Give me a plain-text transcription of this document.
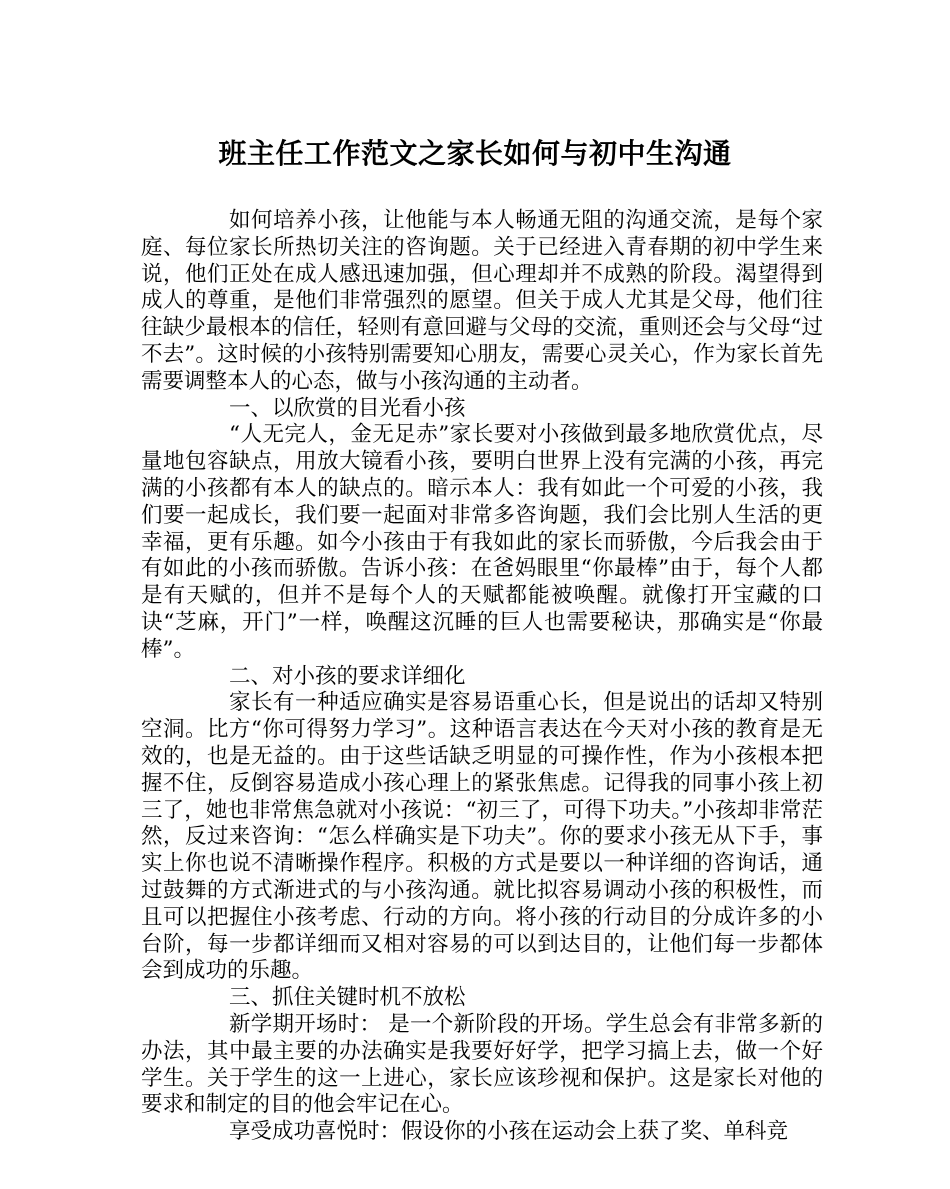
班主任工作范文之家长如何与初中生沟通

如何培养小孩，让他能与本人畅通无阻的沟通交流，是每个家庭、每位家长所热切关注的咨询题。关于已经进入青春期的初中学生来说，他们正处在成人感迅速加强，但心理却并不成熟的阶段。渴望得到成人的尊重，是他们非常强烈的愿望。但关于成人尤其是父母，他们往往缺少最根本的信任，轻则有意回避与父母的交流，重则还会与父母“过不去”。这时候的小孩特别需要知心朋友，需要心灵关心，作为家长首先需要调整本人的心态，做与小孩沟通的主动者。

一、以欣赏的目光看小孩

“人无完人，金无足赤”家长要对小孩做到最多地欣赏优点，尽量地包容缺点，用放大镜看小孩，要明白世界上没有完满的小孩，再完满的小孩都有本人的缺点的。暗示本人：我有如此一个可爱的小孩，我们要一起成长，我们要一起面对非常多咨询题，我们会比别人生活的更幸福，更有乐趣。如今小孩由于有我如此的家长而骄傲，今后我会由于有如此的小孩而骄傲。告诉小孩：在爸妈眼里“你最棒”由于，每个人都是有天赋的，但并不是每个人的天赋都能被唤醒。就像打开宝藏的口诀“芝麻，开门”一样，唤醒这沉睡的巨人也需要秘诀，那确实是“你最棒”。

二、对小孩的要求详细化

家长有一种适应确实是容易语重心长，但是说出的话却又特别空洞。比方“你可得努力学习”。这种语言表达在今天对小孩的教育是无效的，也是无益的。由于这些话缺乏明显的可操作性，作为小孩根本把握不住，反倒容易造成小孩心理上的紧张焦虑。记得我的同事小孩上初三了，她也非常焦急就对小孩说：“初三了，可得下功夫。”小孩却非常茫然，反过来咨询：“怎么样确实是下功夫”。你的要求小孩无从下手，事实上你也说不清晰操作程序。积极的方式是要以一种详细的咨询话，通过鼓舞的方式渐进式的与小孩沟通。就比拟容易调动小孩的积极性，而且可以把握住小孩考虑、行动的方向。将小孩的行动目的分成许多的小台阶，每一步都详细而又相对容易的可以到达目的，让他们每一步都体会到成功的乐趣。

三、抓住关键时机不放松

新学期开场时： 是一个新阶段的开场。学生总会有非常多新的办法，其中最主要的办法确实是我要好好学，把学习搞上去，做一个好学生。关于学生的这一上进心，家长应该珍视和保护。这是家长对他的要求和制定的目的他会牢记在心。

享受成功喜悦时：假设你的小孩在运动会上获了奖、单科竞
